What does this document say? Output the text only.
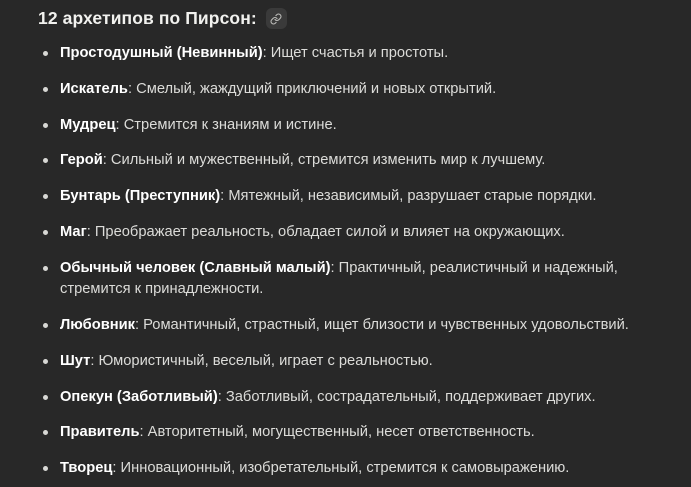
12 архетипов по Пирсон:
Простодушный (Невинный): Ищет счастья и простоты.
Искатель: Смелый, жаждущий приключений и новых открытий.
Мудрец: Стремится к знаниям и истине.
Герой: Сильный и мужественный, стремится изменить мир к лучшему.
Бунтарь (Преступник): Мятежный, независимый, разрушает старые порядки.
Маг: Преображает реальность, обладает силой и влияет на окружающих.
Обычный человек (Славный малый): Практичный, реалистичный и надежный, стремится к принадлежности.
Любовник: Романтичный, страстный, ищет близости и чувственных удовольствий.
Шут: Юмористичный, веселый, играет с реальностью.
Опекун (Заботливый): Заботливый, сострадательный, поддерживает других.
Правитель: Авторитетный, могущественный, несет ответственность.
Творец: Инновационный, изобретательный, стремится к самовыражению.
